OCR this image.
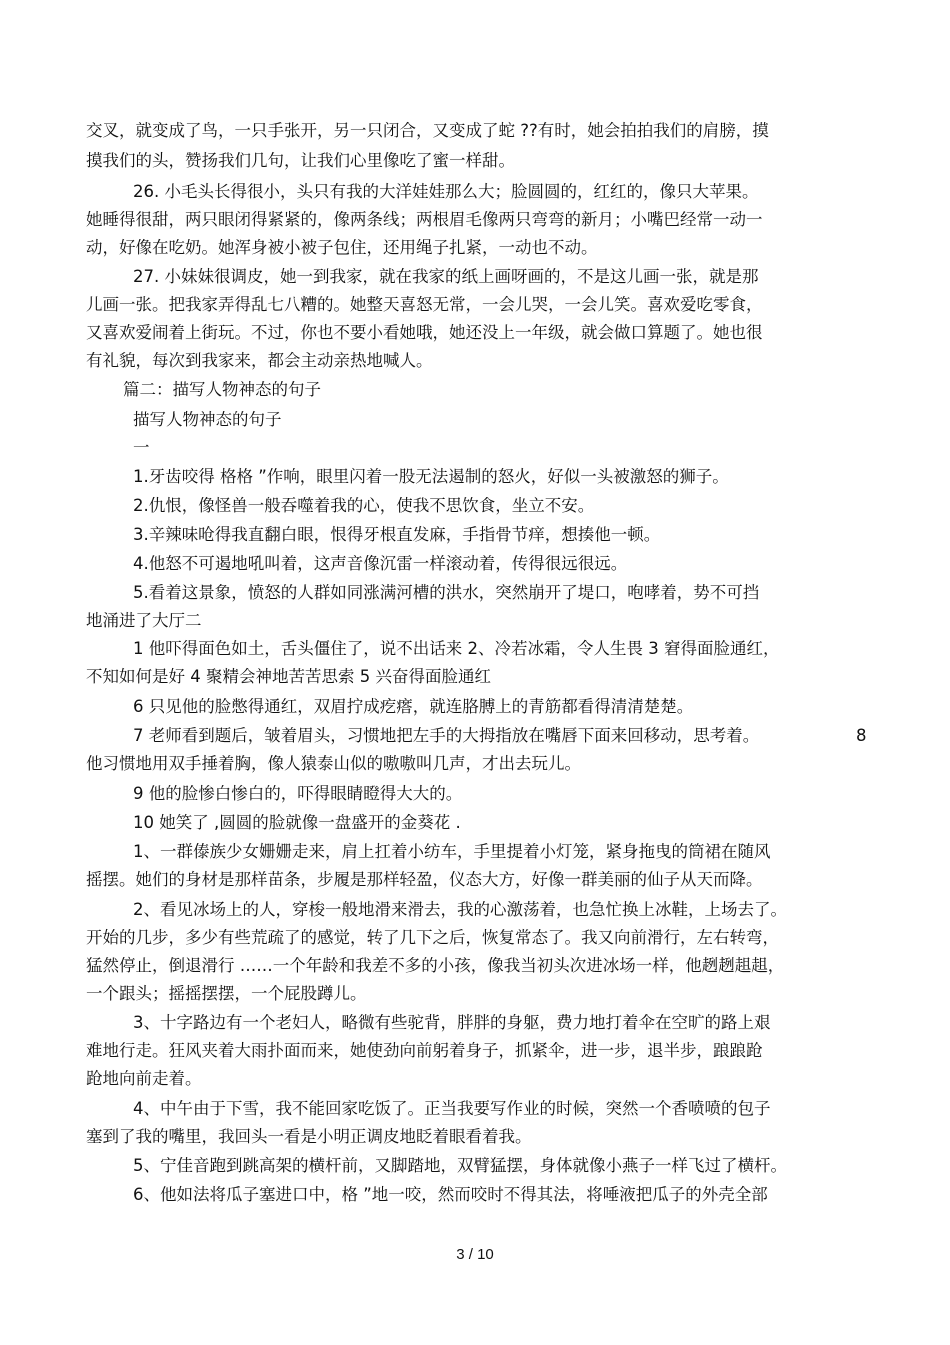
交叉，就变成了鸟，一只手张开，另一只闭合，又变成了蛇 ??有时，她会拍拍我们的肩膀，摸
摸我们的头，赞扬我们几句，让我们心里像吃了蜜一样甜。
26. 小毛头长得很小，头只有我的大洋娃娃那么大；脸圆圆的，红红的，像只大苹果。
她睡得很甜，两只眼闭得紧紧的，像两条线；两根眉毛像两只弯弯的新月；小嘴巴经常一动一
动，好像在吃奶。她浑身被小被子包住，还用绳子扎紧，一动也不动。
27. 小妹妹很调皮，她一到我家，就在我家的纸上画呀画的，不是这儿画一张，就是那
儿画一张。把我家弄得乱七八糟的。她整天喜怒无常，一会儿哭，一会儿笑。喜欢爱吃零食，
又喜欢爱闹着上街玩。不过，你也不要小看她哦，她还没上一年级，就会做口算题了。她也很
有礼貌，每次到我家来，都会主动亲热地喊人。
篇二：描写人物神态的句子
描写人物神态的句子
一
1.牙齿咬得 格格 ”作响，眼里闪着一股无法遏制的怒火，好似一头被激怒的狮子。
2.仇恨，像怪兽一般吞噬着我的心，使我不思饮食，坐立不安。
3.辛辣味呛得我直翻白眼，恨得牙根直发麻，手指骨节痒，想揍他一顿。
4.他怒不可遏地吼叫着，这声音像沉雷一样滚动着，传得很远很远。
5.看着这景象，愤怒的人群如同涨满河槽的洪水，突然崩开了堤口，咆哮着，势不可挡
地涌进了大厅二
1 他吓得面色如土，舌头僵住了，说不出话来 2、冷若冰霜，令人生畏 3 窘得面脸通红，
不知如何是好 4 聚精会神地苦苦思索 5 兴奋得面脸通红
6 只见他的脸憋得通红，双眉拧成疙瘩，就连胳膊上的青筋都看得清清楚楚。
7 老师看到题后，皱着眉头，习惯地把左手的大拇指放在嘴唇下面来回移动，思考着。	8
他习惯地用双手捶着胸，像人猿泰山似的嗷嗷叫几声，才出去玩儿。
9 他的脸惨白惨白的，吓得眼睛瞪得大大的。
10 她笑了 ,圆圆的脸就像一盘盛开的金葵花 .
1、一群傣族少女姗姗走来，肩上扛着小纺车，手里提着小灯笼，紧身拖曳的筒裙在随风
摇摆。她们的身材是那样苗条，步履是那样轻盈，仪态大方，好像一群美丽的仙子从天而降。
2、看见冰场上的人，穿梭一般地滑来滑去，我的心激荡着，也急忙换上冰鞋，上场去了。
开始的几步，多少有些荒疏了的感觉，转了几下之后，恢复常态了。我又向前滑行，左右转弯，
猛然停止，倒退滑行 ……一个年龄和我差不多的小孩，像我当初头次进冰场一样，他趔趔趄趄，
一个跟头；摇摇摆摆，一个屁股蹲儿。
3、十字路边有一个老妇人，略微有些驼背，胖胖的身躯，费力地打着伞在空旷的路上艰
难地行走。狂风夹着大雨扑面而来，她使劲向前躬着身子，抓紧伞，进一步，退半步，踉踉跄
跄地向前走着。
4、中午由于下雪，我不能回家吃饭了。正当我要写作业的时候，突然一个香喷喷的包子
塞到了我的嘴里，我回头一看是小明正调皮地眨着眼看着我。
5、宁佳音跑到跳高架的横杆前，又脚踏地，双臂猛摆，身体就像小燕子一样飞过了横杆。
6、他如法将瓜子塞进口中，格 ”地一咬，然而咬时不得其法，将唾液把瓜子的外壳全部
3 / 10
